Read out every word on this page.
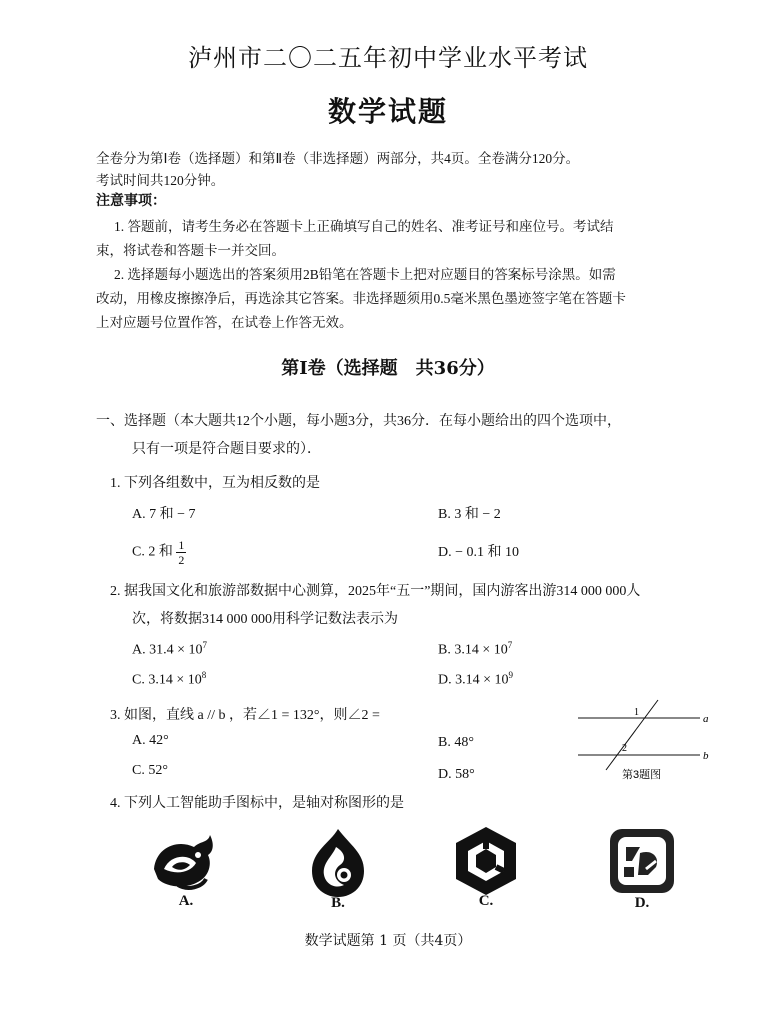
泸州市二〇二五年初中学业水平考试
数学试题
全卷分为第Ⅰ卷（选择题）和第Ⅱ卷（非选择题）两部分，共4页。全卷满分120分。
考试时间共120分钟。
注意事项：
1. 答题前，请考生务必在答题卡上正确填写自己的姓名、准考证号和座位号。考试结
束，将试卷和答题卡一并交回。
2. 选择题每小题选出的答案须用2B铅笔在答题卡上把对应题目的答案标号涂黑。如需
改动，用橡皮擦擦净后，再选涂其它答案。非选择题须用0.5毫米黑色墨迹签字笔在答题卡
上对应题号位置作答，在试卷上作答无效。
第Ⅰ卷（选择题　共36分）
一、选择题（本大题共12个小题，每小题3分，共36分．在每小题给出的四个选项中，
只有一项是符合题目要求的）．
1. 下列各组数中，互为相反数的是
A. 7 和 − 7	B. 3 和 − 2
C. 2 和 $\frac{1}{2}$	D. − 0.1 和 10
2. 据我国文化和旅游部数据中心测算，2025年“五一”期间，国内游客出游314 000 000人
次，将数据314 000 000用科学记数法表示为
A. $31.4 \times 10^7$	B. $3.14 \times 10^7$
C. $3.14 \times 10^8$	D. $3.14 \times 10^9$
3. 如图，直线 a // b ，若∠1 = 132°，则∠2 =
A. 42°	B. 48°
C. 52°	D. 58°
1
2
a
b
第3题图
4. 下列人工智能助手图标中，是轴对称图形的是
A.	B.	C.	D.
数学试题第 1 页（共4页）
